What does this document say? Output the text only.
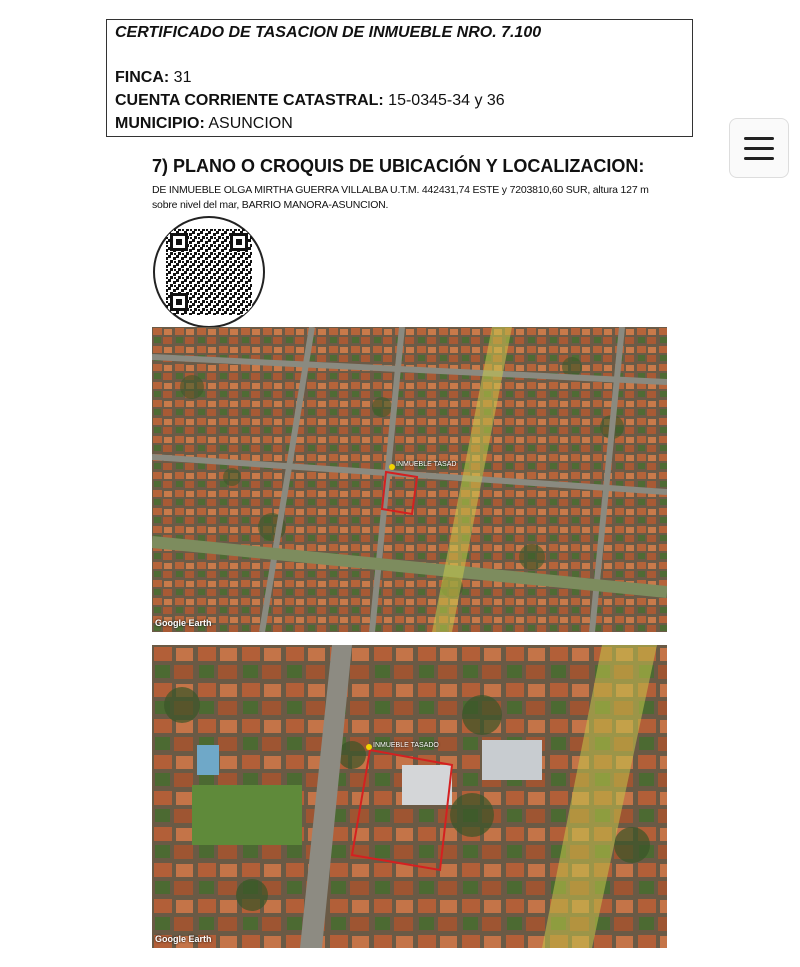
CERTIFICADO DE TASACION DE INMUEBLE NRO. 7.100

FINCA: 31

CUENTA CORRIENTE CATASTRAL: 15-0345-34 y 36

MUNICIPIO: ASUNCION

7) PLANO O CROQUIS DE UBICACIÓN Y LOCALIZACION:

DE INMUEBLE OLGA MIRTHA GUERRA VILLALBA U.T.M. 442431,74 ESTE y 7203810,60 SUR, altura 127 m sobre nivel del mar, BARRIO MANORA-ASUNCION.

INMUEBLE TASAD
Google Earth
INMUEBLE TASADO
Google Earth
